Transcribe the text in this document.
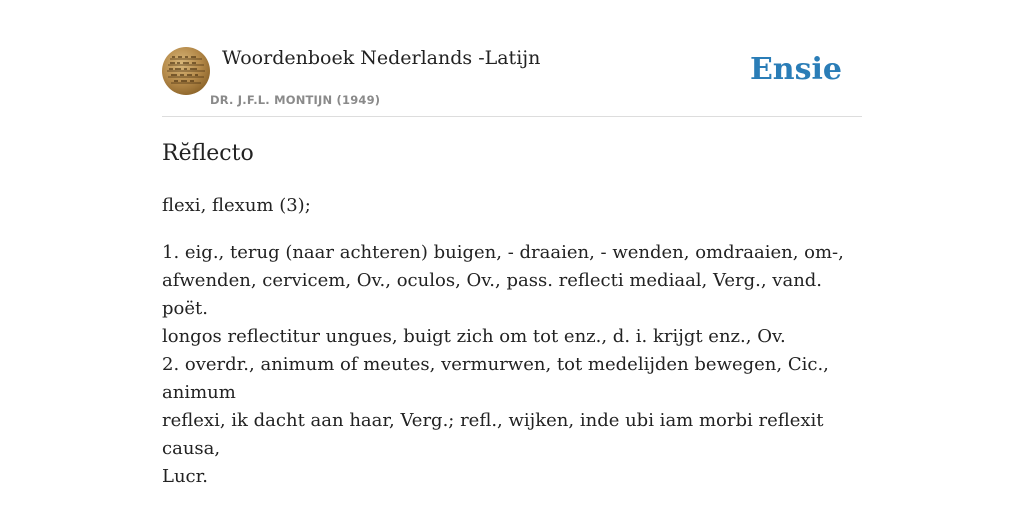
Woordenboek Nederlands -Latijn
DR. J.F.L. MONTIJN (1949)
Ensie
Rĕflecto

flexi, flexum (3);

1. eig., terug (naar achteren) buigen, - draaien, - wenden, omdraaien, om-,

afwenden, cervicem, Ov., oculos, Ov., pass. reflecti mediaal, Verg., vand. poët.

longos reflectitur ungues, buigt zich om tot enz., d. i. krijgt enz., Ov.

2. overdr., animum of meutes, vermurwen, tot medelijden bewegen, Cic., animum

reflexi, ik dacht aan haar, Verg.; refl., wijken, inde ubi iam morbi reflexit causa,

Lucr.
